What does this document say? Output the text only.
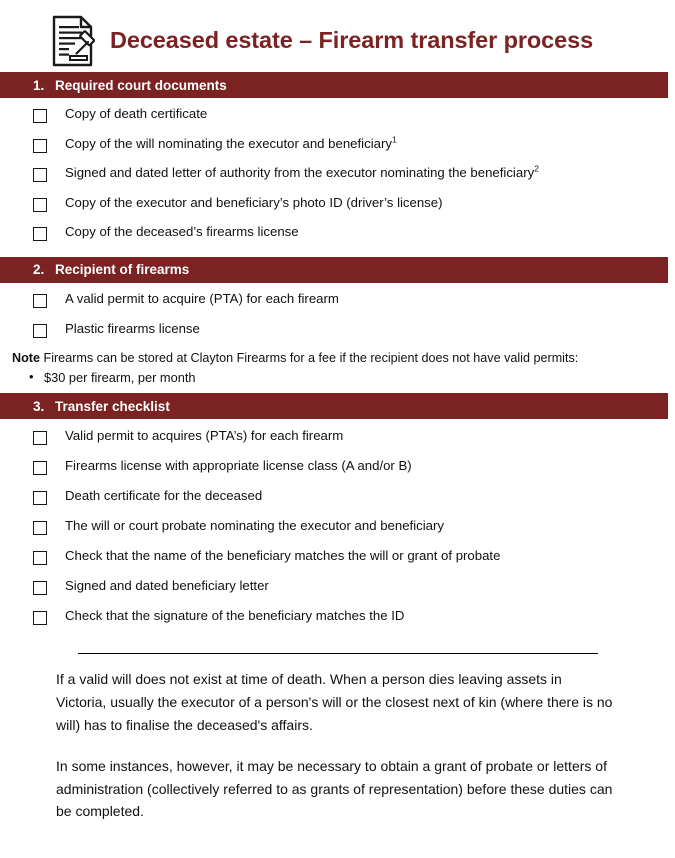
Deceased estate – Firearm transfer process
1. Required court documents
Copy of death certificate
Copy of the will nominating the executor and beneficiary$^1$
Signed and dated letter of authority from the executor nominating the beneficiary$^2$
Copy of the executor and beneficiary’s photo ID (driver’s license)
Copy of the deceased’s firearms license
2. Recipient of firearms
A valid permit to acquire (PTA) for each firearm
Plastic firearms license
Note Firearms can be stored at Clayton Firearms for a fee if the recipient does not have valid permits:
• $30 per firearm, per month
3. Transfer checklist
Valid permit to acquires (PTA’s) for each firearm
Firearms license with appropriate license class (A and/or B)
Death certificate for the deceased
The will or court probate nominating the executor and beneficiary
Check that the name of the beneficiary matches the will or grant of probate
Signed and dated beneficiary letter
Check that the signature of the beneficiary matches the ID

If a valid will does not exist at time of death. When a person dies leaving assets in Victoria, usually the executor of a person's will or the closest next of kin (where there is no will) has to finalise the deceased's affairs.

In some instances, however, it may be necessary to obtain a grant of probate or letters of administration (collectively referred to as grants of representation) before these duties can be completed.
